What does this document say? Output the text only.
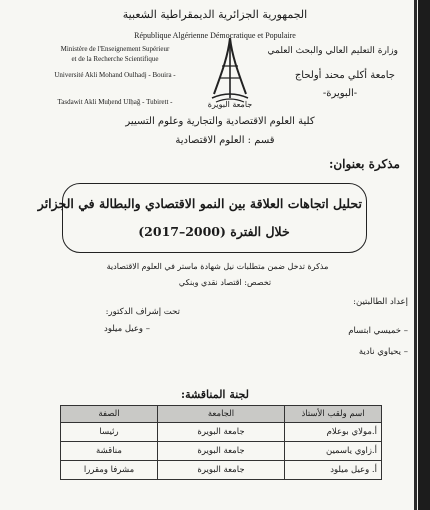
الجمهورية الجزائرية الديمقراطية الشعبية
République Algérienne Démocratique et Populaire
Ministère de l'Enseignement Supérieur
et de la Recherche Scientifique
وزارة التعليم العالي والبحث العلمي
Université Akli Mohand Oulhadj - Bouira -	جامعة أكلي محند أولحاج
-البويرة-
Tasdawit Akli Muḥend Ulḥağ - Tubirett -	جامعة البويرة
كلية العلوم الاقتصادية والتجارية وعلوم التسيير
قسم : العلوم الاقتصادية
مذكرة بعنوان:
تحليل اتجاهات العلاقة بين النمو الاقتصادي والبطالة في الجزائر
خلال الفترة (2000–2017)
مذكرة تدخل ضمن متطلبات نيل شهادة ماستر في العلوم الاقتصادية
تخصص: اقتصاد نقدي وبنكي
إعداد الطالبتين:
تحت إشراف الدكتور:
– خميسي ابتسام
– وعيل ميلود
– يحياوي نادية
لجنة المناقشة:
اسم ولقب الأستاذ	الجامعة	الصفة
أ.مولاي بوعلام	جامعة البويرة	رئيسا
أ.زاوي ياسمين	جامعة البويرة	مناقشة
أ. وعيل ميلود	جامعة البويرة	مشرفا ومقررا
